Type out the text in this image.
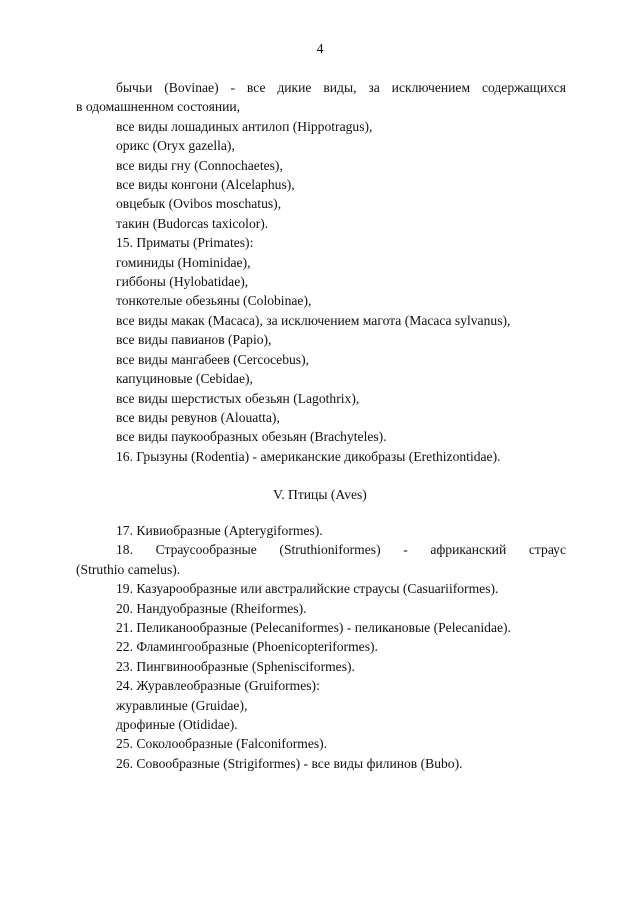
4
бычьи (Bovinae) - все дикие виды, за исключением содержащихся
в одомашненном состоянии,
все виды лошадиных антилоп (Hippotragus),
орикс (Oryx gazella),
все виды гну (Connochaetes),
все виды конгони (Alcelaphus),
овцебык (Ovibos moschatus),
такин (Budorcas taxicolor).
15. Приматы (Primates):
гоминиды (Hominidae),
гиббоны (Hylobatidae),
тонкотелые обезьяны (Colobinae),
все виды макак (Macaca), за исключением магота (Macaca sylvanus),
все виды павианов (Papio),
все виды мангабеев (Cercocebus),
капуциновые (Cebidae),
все виды шерстистых обезьян (Lagothrix),
все виды ревунов (Alouatta),
все виды паукообразных обезьян (Brachyteles).
16. Грызуны (Rodentia) - американские дикобразы (Erethizontidae).
V. Птицы (Aves)
17. Кивиобразные (Apterygiformes).
18. Страусообразные (Struthioniformes) - африканский страус
(Struthio camelus).
19. Казуарообразные или австралийские страусы (Casuariiformes).
20. Нандуобразные (Rheiformes).
21. Пеликанообразные (Pelecaniformes) - пеликановые (Pelecanidae).
22. Фламингообразные (Phoenicopteriformes).
23. Пингвинообразные (Sphenisciformes).
24. Журавлеобразные (Gruiformes):
журавлиные (Gruidae),
дрофиные (Otididae).
25. Соколообразные (Falconiformes).
26. Совообразные (Strigiformes) - все виды филинов (Bubo).
